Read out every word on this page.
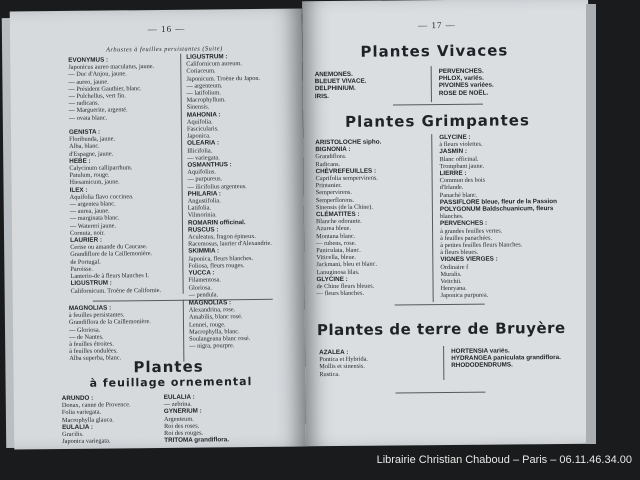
— 16 —
Arbustes à feuilles persistantes (Suite)
EVONYMUS :
Japonicus aureo maculatus, jaune.
— Duc d'Anjou, jaune.
— aureo, jaune.
— Président Gauthier, blanc.
— Pulchellus, vert fin.
— radicans.
— Marguerite, argenté.
— ovata blanc.

GENISTA :
Floribunda, jaune.
Alba, blanc.
d'Espagne, jaune.
HEBE :
Calycinum calliparrhum.
Patulum, rouge.
Hiesamicum, jaune.
ILEX :
Aquifolia flavo coccinea.
— argentea blanc.
— aurea, jaune.
— marginata blanc.
— Watereri jaune.
Cornuta, noir.
LAURIER :
Cerise ou amande du Caucase.
Grandiflore de la Caillemonière.
de Portugal.
Paroisse.
Lanterio-de à fleurs blanches I.
LIGUSTRUM :
Californicum. Troène de Californie.
LIGUSTRUM :
Californicum aureum.
Coriaceum.
Japonicum. Troène du Japon.
— argenteum.
— latifolium.
Macrophyllum.
Sinensis.
MAHONIA :
Aquifolia.
Fascicularis.
Japonica.
OLEARIA :
Illicifolia.
— variegata.
OSMANTHUS :
Aquifolius.
— purpureus.
— ilicifolius argenteus.
PHILARIA :
Angustifolia.
Latifolia.
Vilmorinia.
ROMARIN officinal.
RUSCUS :
Aculeatus, fragon épineux.
Racemosus, laurier d'Alexandrie.
SKIMMIA :
Japonica, fleurs blanches.
Foliosa, fleurs rouges.
YUCCA :
Filamentosa.
Gloriosa.
— pendula.
MAGNOLIAS :
à feuilles persistantes.
Grandiflora de la Caillemonière.
— Gloriosa.
— de Nantes.
à feuilles étroites.
à feuilles ondulées.
Alba superba, blanc.
MAGNOLIAS :
Alexandrina, rose.
Amabilis, blanc rosé.
Lennei, rouge.
Macrophylla, blanc.
Soulangeana blanc rosé.
— nigra, pourpre.
Plantes
à feuillage ornemental
ARUNDO :
Donax, canne de Provence.
Folia variegata.
Macrophylla glauca.
EULALIA :
Gracilis.
Japonica variegata.
EULALIA :
— zebrina.
GYNERIUM :
Argenteum.
Roi des roses.
Roi des rouges.
TRITOMA grandiflora.
— 17 —
Plantes Vivaces
ANEMONES.
BLEUET VIVACE.
DELPHINIUM.
IRIS.
PERVENCHES.
PHLOX, variés.
PIVOINES variées.
ROSE DE NOËL.
Plantes Grimpantes
ARISTOLOCHE sipho.
BIGNONIA :
Grandiflora.
Radicans.
CHÈVREFEUILLES :
Caprifolia sempervirens.
Printanier.
Sempervirens.
Semperflorens.
Sinensis (de la Chine).
CLÉMATITES :
Blanche odorante.
Azurea bleue.
Montana blanc.
— rubens, rose.
Paniculata, blanc.
Viticella, bleue.
Jackmani, bleu et blanc.
Lanuginosa lilas.
GLYCINE :
de Chine fleurs bleues.
— fleurs blanches.
GLYCINE :
à fleurs violettes.
JASMIN :
Blanc officinal.
Trompbant jaune.
LIERRE :
Commun des bois
d'Irlande.
Panaché blanc.
PASSIFLORE bleue, fleur de la Passion
POLYGONUM Baldschuanicum, fleurs
blanches.
PERVENCHES :
à grandes feuilles vertes.
à feuilles panachées.
à petites feuilles fleurs blanches.
à fleurs bleues.
VIGNES VIERGES :
Ordinaire f
Muralis.
Veitchii.
Henryana.
Japonica purpurea.
Plantes de terre de Bruyère
AZALEA :
Pontica et Hybrida.
Mollis et sinensis.
Rustica.
HORTENSIA variés.
HYDRANGEA paniculata grandiflora.
RHODODENDRUMS.
Librairie Christian Chaboud – Paris – 06.11.46.34.00
